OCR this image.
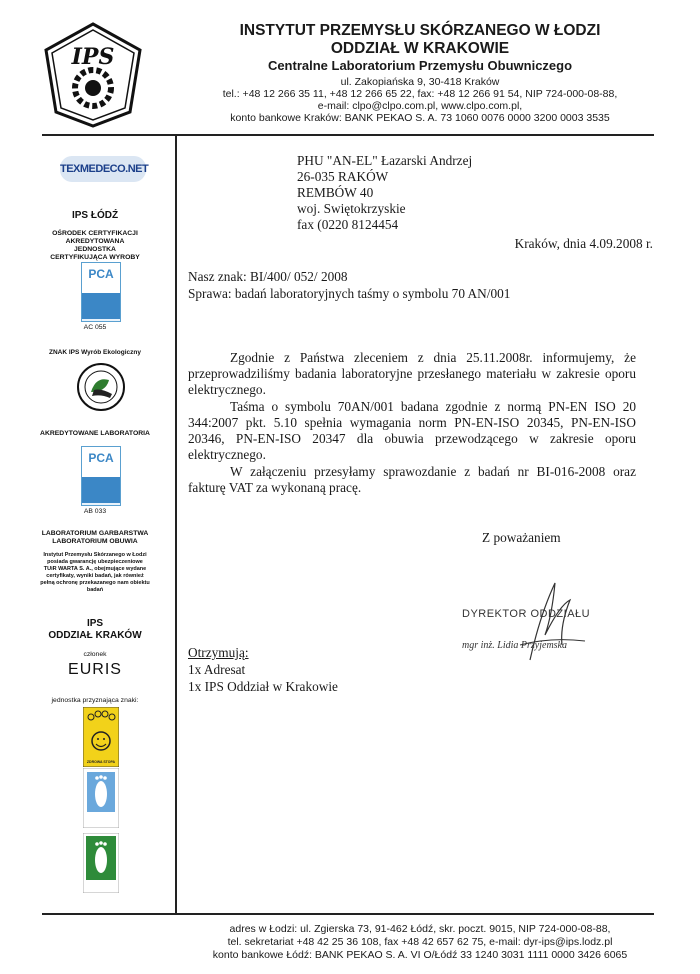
IPS
INSTYTUT PRZEMYSŁU SKÓRZANEGO W ŁODZI
ODDZIAŁ W KRAKOWIE
Centralne Laboratorium Przemysłu Obuwniczego
ul. Zakopiańska 9, 30-418 Kraków
tel.: +48 12 266 35 11, +48 12 266 65 22, fax: +48 12 266 91 54, NIP 724-000-08-88,
e-mail: clpo@clpo.com.pl, www.clpo.com.pl,
konto bankowe Kraków: BANK PEKAO S. A. 73 1060 0076 0000 3200 0003 3535
TEXMEDECO.NET
IPS ŁÓDŹ
OŚRODEK CERTYFIKACJI AKREDYTOWANA JEDNOSTKA CERTYFIKUJĄCA WYROBY
PCA
AC 055
ZNAK IPS Wyrób Ekologiczny
AKREDYTOWANE LABORATORIA
PCA
AB 033
LABORATORIUM GARBARSTWA LABORATORIUM OBUWIA
Instytut Przemysłu Skórzanego w Łodzi posiada gwarancję ubezpieczeniowe TUiR WARTA S. A., obejmujące wydane certyfikaty, wyniki badań, jak również pełną ochronę przekazanego nam obiektu badań
IPS
ODDZIAŁ KRAKÓW
członek
EURIS
jednostka przyznająca znaki:
ZDROWA STOPA
PHU "AN-EL" Łazarski Andrzej
26-035 RAKÓW
REMBÓW 40
woj. Swiętokrzyskie
fax (0220 8124454
Kraków, dnia 4.09.2008 r.
Nasz znak: BI/400/ 052/ 2008
Sprawa: badań laboratoryjnych taśmy o symbolu 70 AN/001
Zgodnie z Państwa zleceniem z dnia 25.11.2008r. informujemy, że przeprowadziliśmy badania laboratoryjne przesłanego materiału w zakresie oporu elektrycznego.
Taśma o symbolu 70AN/001 badana zgodnie z normą PN-EN ISO 20 344:2007 pkt. 5.10 spełnia wymagania norm PN-EN-ISO 20345, PN-EN-ISO 20346, PN-EN-ISO 20347 dla obuwia przewodzącego w zakresie oporu elektrycznego.
W załączeniu przesyłamy sprawozdanie z badań nr BI-016-2008 oraz fakturę VAT za wykonaną pracę.
Z poważaniem
DYREKTOR ODDZIAŁU
mgr inż. Lidia Przyjemska
Otrzymują:
1x Adresat
1x IPS Oddział w Krakowie
adres w Łodzi: ul. Zgierska 73, 91-462 Łódź, skr. poczt. 9015, NIP 724-000-08-88,
tel. sekretariat +48 42 25 36 108, fax +48 42 657 62 75, e-mail: dyr-ips@ips.lodz.pl
konto bankowe Łódź: BANK PEKAO S. A. VI O/Łódź 33 1240 3031 1111 0000 3426 6065
